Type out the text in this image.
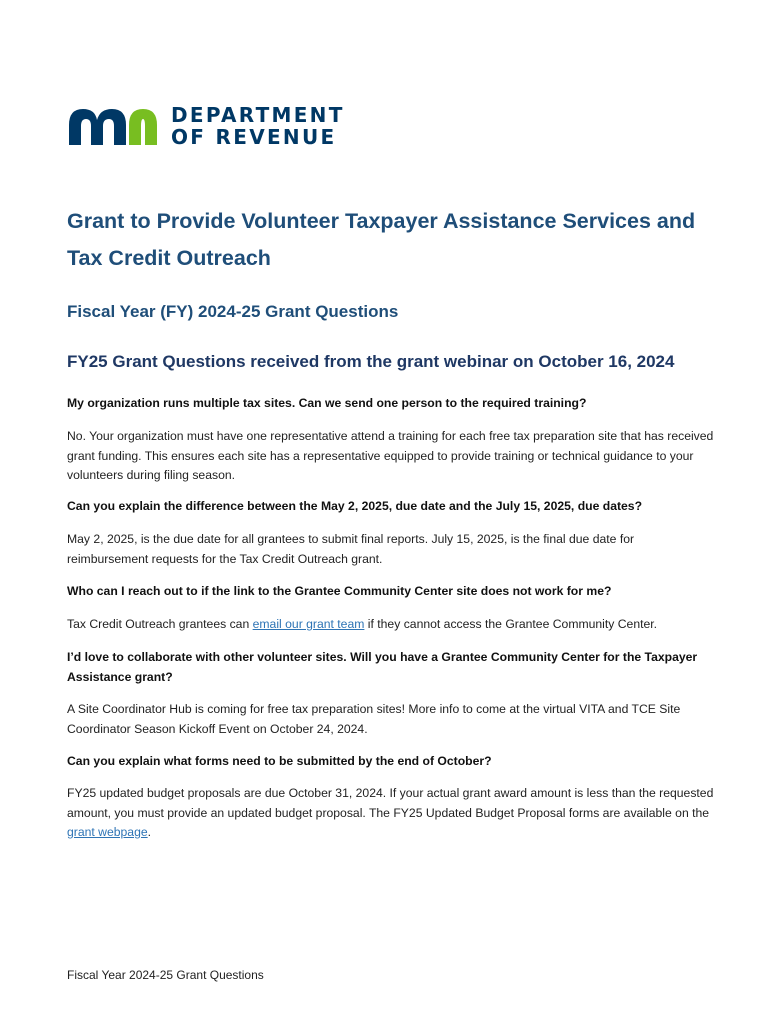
DEPARTMENT
OF REVENUE
Grant to Provide Volunteer Taxpayer Assistance Services and Tax Credit Outreach
Fiscal Year (FY) 2024-25 Grant Questions
FY25 Grant Questions received from the grant webinar on October 16, 2024
My organization runs multiple tax sites. Can we send one person to the required training?
No. Your organization must have one representative attend a training for each free tax preparation site that has received grant funding. This ensures each site has a representative equipped to provide training or technical guidance to your volunteers during filing season.
Can you explain the difference between the May 2, 2025, due date and the July 15, 2025, due dates?
May 2, 2025, is the due date for all grantees to submit final reports. July 15, 2025, is the final due date for reimbursement requests for the Tax Credit Outreach grant.
Who can I reach out to if the link to the Grantee Community Center site does not work for me?
Tax Credit Outreach grantees can email our grant team if they cannot access the Grantee Community Center.
I’d love to collaborate with other volunteer sites. Will you have a Grantee Community Center for the Taxpayer Assistance grant?
A Site Coordinator Hub is coming for free tax preparation sites! More info to come at the virtual VITA and TCE Site Coordinator Season Kickoff Event on October 24, 2024.
Can you explain what forms need to be submitted by the end of October?
FY25 updated budget proposals are due October 31, 2024. If your actual grant award amount is less than the requested amount, you must provide an updated budget proposal. The FY25 Updated Budget Proposal forms are available on the grant webpage.
Fiscal Year 2024-25 Grant Questions
